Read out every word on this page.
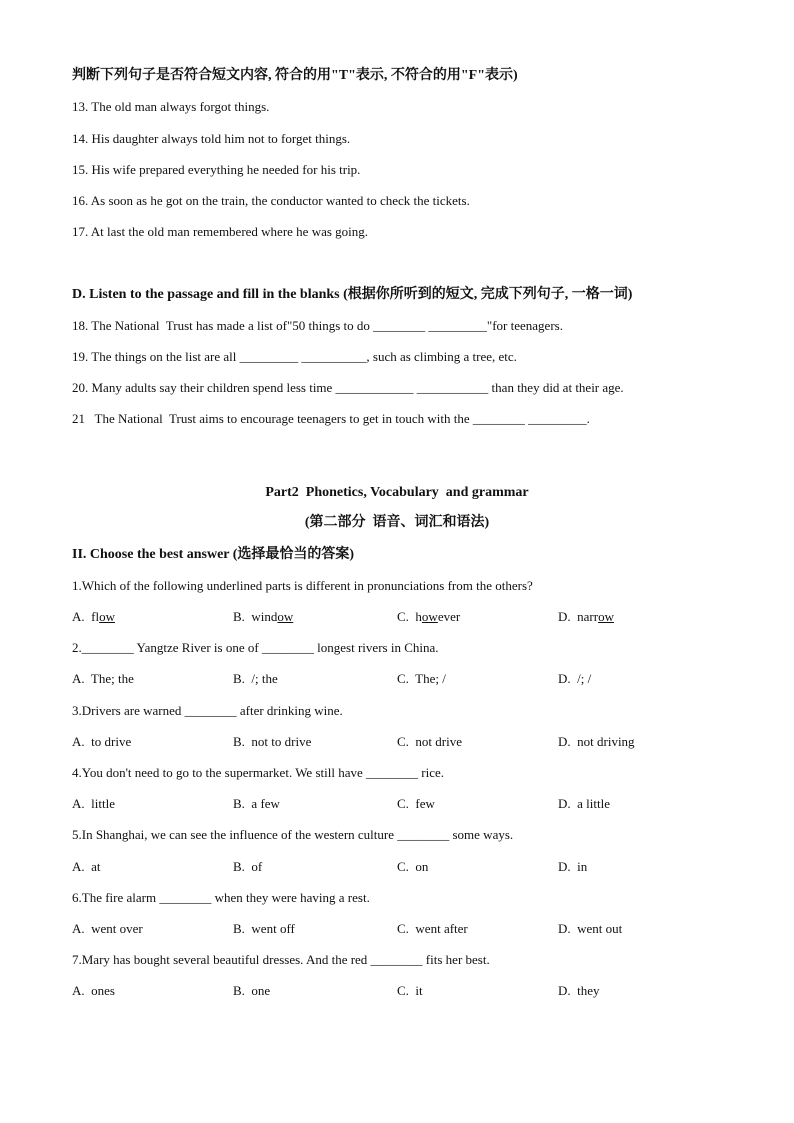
判断下列句子是否符合短文内容, 符合的用"T"表示, 不符合的用"F"表示)
13. The old man always forgot things.
14. His daughter always told him not to forget things.
15. His wife prepared everything he needed for his trip.
16. As soon as he got on the train, the conductor wanted to check the tickets.
17. At last the old man remembered where he was going.
D. Listen to the passage and fill in the blanks (根据你所听到的短文, 完成下列句子, 一格一词)
18. The National  Trust has made a list of"50 things to do ________ _________"for teenagers.
19. The things on the list are all _________ __________, such as climbing a tree, etc.
20. Many adults say their children spend less time ____________ ___________ than they did at their age.
21   The National  Trust aims to encourage teenagers to get in touch with the ________ _________.
Part2  Phonetics, Vocabulary  and grammar
(第二部分  语音、词汇和语法)
II. Choose the best answer (选择最恰当的答案)
1.Which of the following underlined parts is different in pronunciations from the others?
A.  flow	B.  window	C.  however	D.  narrow
2.________ Yangtze River is one of ________ longest rivers in China.
A.  The; the	B.  /; the	C.  The; /	D.  /; /
3.Drivers are warned ________ after drinking wine.
A.  to drive	B.  not to drive	C.  not drive	D.  not driving
4.You don't need to go to the supermarket. We still have ________ rice.
A.  little	B.  a few	C.  few	D.  a little
5.In Shanghai, we can see the influence of the western culture ________ some ways.
A.  at	B.  of	C.  on	D.  in
6.The fire alarm ________ when they were having a rest.
A.  went over	B.  went off	C.  went after	D.  went out
7.Mary has bought several beautiful dresses. And the red ________ fits her best.
A.  ones	B.  one	C.  it	D.  they
